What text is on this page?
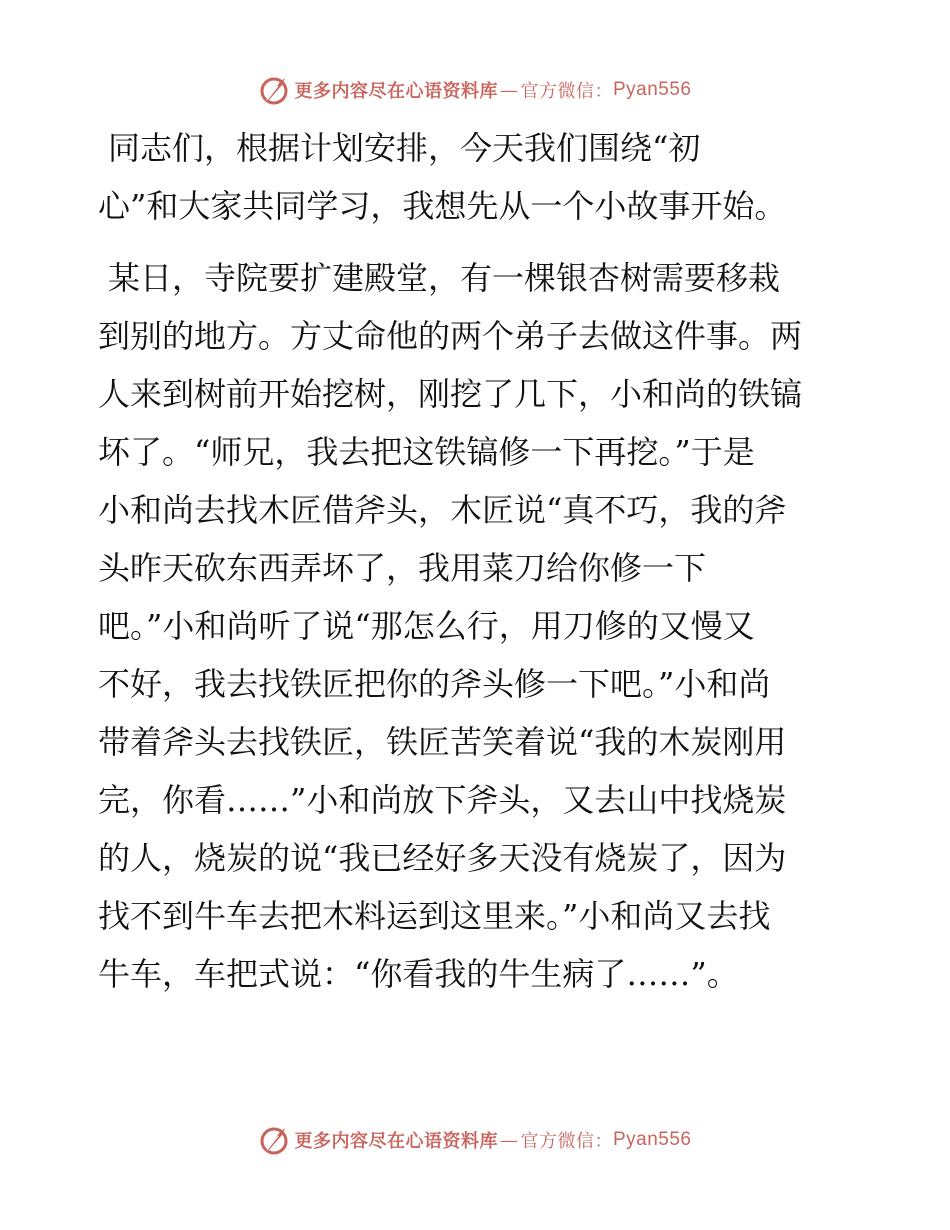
更多内容尽在心语资料库 — 官方微信： Pyan556
同志们，根据计划安排，今天我们围绕“初
心”和大家共同学习，我想先从一个小故事开始。
某日，寺院要扩建殿堂，有一棵银杏树需要移栽
到别的地方。方丈命他的两个弟子去做这件事。两
人来到树前开始挖树，刚挖了几下，小和尚的铁镐
坏了。“师兄，我去把这铁镐修一下再挖。”于是
小和尚去找木匠借斧头，木匠说“真不巧，我的斧
头昨天砍东西弄坏了，我用菜刀给你修一下
吧。”小和尚听了说“那怎么行，用刀修的又慢又
不好，我去找铁匠把你的斧头修一下吧。”小和尚
带着斧头去找铁匠，铁匠苦笑着说“我的木炭刚用
完，你看……”小和尚放下斧头，又去山中找烧炭
的人，烧炭的说“我已经好多天没有烧炭了，因为
找不到牛车去把木料运到这里来。”小和尚又去找
牛车，车把式说：“你看我的牛生病了……”。
更多内容尽在心语资料库 — 官方微信： Pyan556
